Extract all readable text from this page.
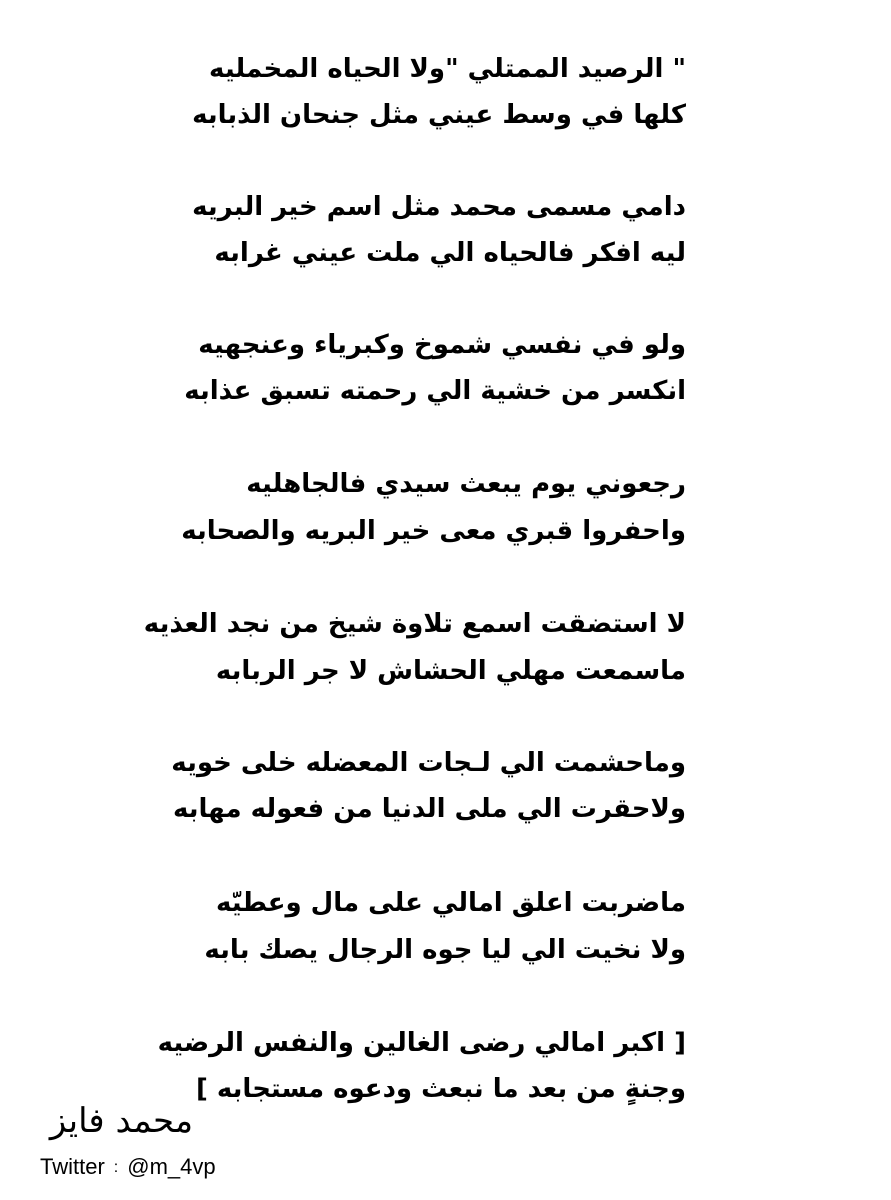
" الرصيد الممتلي "ولا الحياه المخمليه
كلها في وسط عيني مثل جنحان الذبابه
دامي مسمى محمد مثل اسم خير البريه
ليه افكر فالحياه الي ملت عيني غرابه
ولو في نفسي شموخ وكبرياء وعنجهيه
انكسر من خشية الي رحمته تسبق عذابه
رجعوني يوم يبعث سيدي فالجاهليه
واحفروا قبري معى خير البريه والصحابه
لا استضقت اسمع تلاوة شيخ من نجد العذيه
ماسمعت مهلي الحشاش لا جر الربابه
وماحشمت الي لـجات المعضله خلى خويه
ولاحقرت الي ملى الدنيا من فعوله مهابه
ماضربت اعلق امالي على مال وعطيّه
ولا نخيت الي ليا جوه الرجال يصك بابه
[ اكبر امالي رضى الغالين والنفس الرضيه
وجنةٍ من بعد ما نبعث ودعوه مستجابه ]
محمد فايز
Twitter : @m_4vp
